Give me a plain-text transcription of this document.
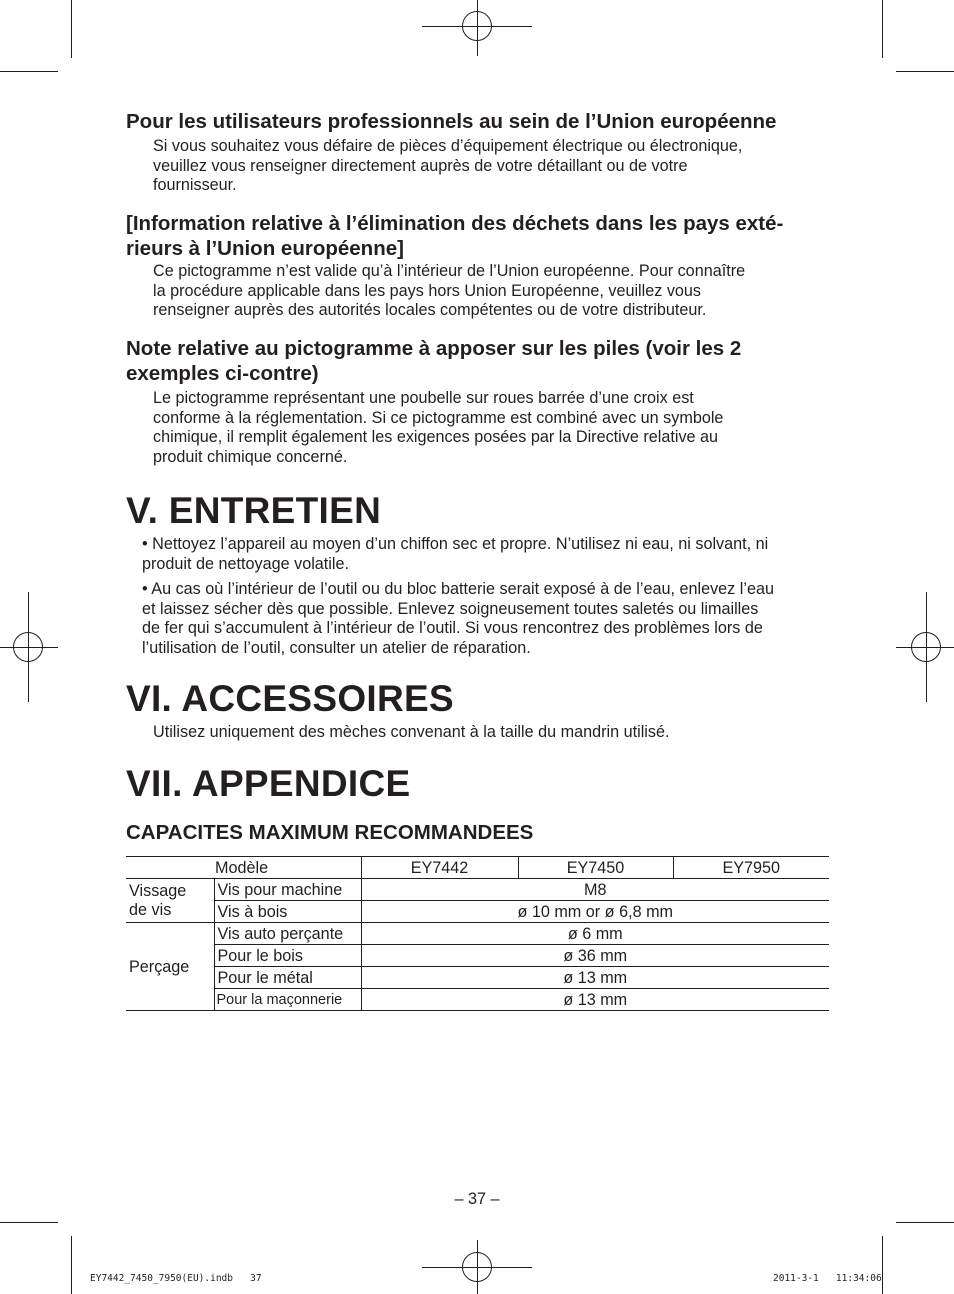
Pour les utilisateurs professionnels au sein de l’Union européenne
Si vous souhaitez vous défaire de pièces d’équipement électrique ou électronique,
veuillez vous renseigner directement auprès de votre détaillant ou de votre
fournisseur.
[Information relative à l’élimination des déchets dans les pays exté-
rieurs à l’Union européenne]
Ce pictogramme n’est valide qu’à l’intérieur de l’Union européenne. Pour connaître
la procédure applicable dans les pays hors Union Européenne, veuillez vous
renseigner auprès des autorités locales compétentes ou de votre distributeur.
Note relative au pictogramme à apposer sur les piles (voir les 2
exemples ci-contre)
Le pictogramme représentant une poubelle sur roues barrée d’une croix est
conforme à la réglementation. Si ce pictogramme est combiné avec un symbole
chimique, il remplit également les exigences posées par la Directive relative au
produit chimique concerné.
V. ENTRETIEN
• Nettoyez l’appareil au moyen d’un chiffon sec et propre. N’utilisez ni eau, ni solvant, ni
produit de nettoyage volatile.
• Au cas où l’intérieur de l’outil ou du bloc batterie serait exposé à de l’eau, enlevez l’eau
et laissez sécher dès que possible. Enlevez soigneusement toutes saletés ou limailles
de fer qui s’accumulent à l’intérieur de l’outil. Si vous rencontrez des problèmes lors de
l’utilisation de l’outil, consulter un atelier de réparation.
VI. ACCESSOIRES
Utilisez uniquement des mèches convenant à la taille du mandrin utilisé.
VII. APPENDICE
CAPACITES MAXIMUM RECOMMANDEES
Modèle		EY7442	EY7450	EY7950

Vissage
de vis	Vis pour machine	M8		
	Vis à bois	ø 10 mm or ø 6,8 mm		
Perçage	Vis auto perçante	ø 6 mm		
	Pour le bois	ø 36 mm		
	Pour le métal	ø 13 mm		
	Pour la maçonnerie	ø 13 mm		
– 37 –
EY7442_7450_7950(EU).indb   37	2011-3-1   11:34:06
